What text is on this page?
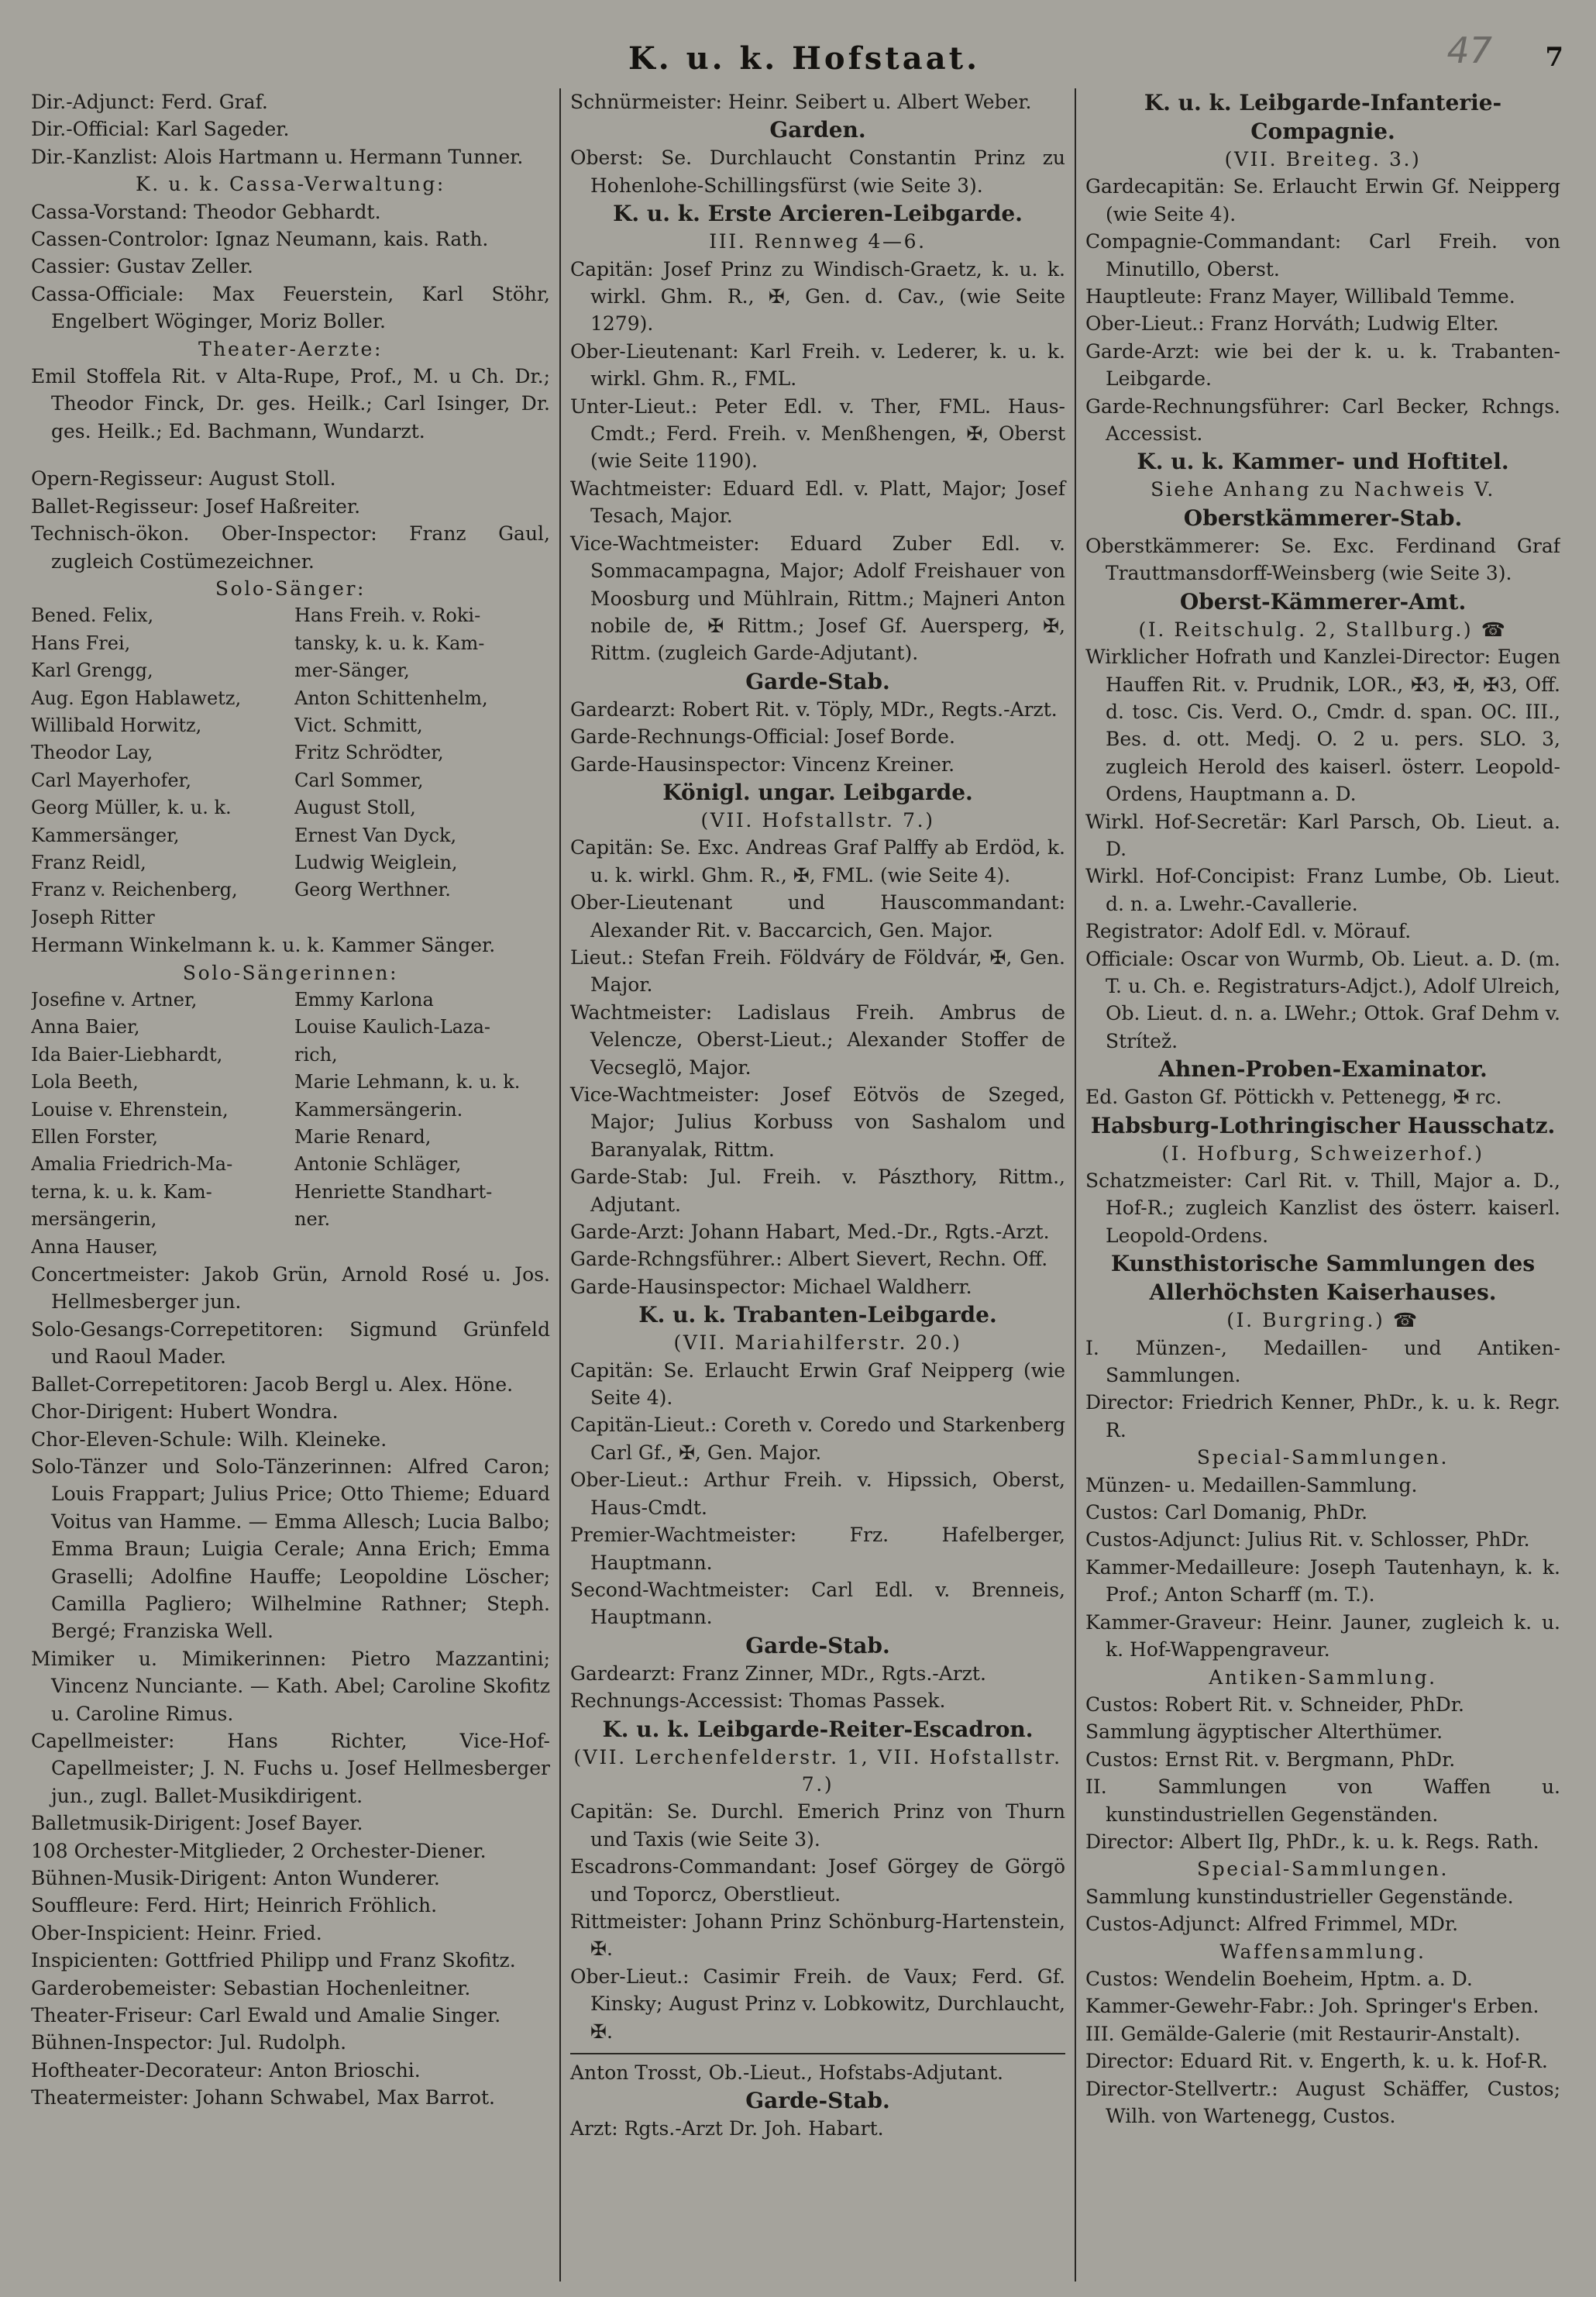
K. u. k. Hofstaat.	47 7

Dir.-Adjunct: Ferd. Graf.

Dir.-Official: Karl Sageder.

Dir.-Kanzlist: Alois Hartmann u. Hermann Tunner.

K. u. k. Cassa-Verwaltung:

Cassa-Vorstand: Theodor Gebhardt.

Cassen-Controlor: Ignaz Neumann, kais. Rath.

Cassier: Gustav Zeller.

Cassa-Officiale: Max Feuerstein, Karl Stöhr, Engelbert Wöginger, Moriz Boller.

Theater-Aerzte:

Emil Stoffela Rit. v Alta-Rupe, Prof., M. u Ch. Dr.; Theodor Finck, Dr. ges. Heilk.; Carl Isinger, Dr. ges. Heilk.; Ed. Bachmann, Wundarzt.

Opern-Regisseur: August Stoll.

Ballet-Regisseur: Josef Haßreiter.

Technisch-ökon. Ober-Inspector: Franz Gaul, zugleich Costümezeichner.

Solo-Sänger:

Bened. Felix,	Hans Freih. v. Roki-

Hans Frei,	tansky, k. u. k. Kam-

Karl Grengg,	mer-Sänger,

Aug. Egon Hablawetz,	Anton Schittenhelm,

Willibald Horwitz,	Vict. Schmitt,

Theodor Lay,	Fritz Schrödter,

Carl Mayerhofer,	Carl Sommer,

Georg Müller, k. u. k.	August Stoll,

Kammersänger,	Ernest Van Dyck,

Franz Reidl,	Ludwig Weiglein,

Franz v. Reichenberg,	Georg Werthner.

Joseph Ritter

Hermann Winkelmann k. u. k. Kammer Sänger.

Solo-Sängerinnen:

Josefine v. Artner,	Emmy Karlona

Anna Baier,	Louise Kaulich-Laza-

Ida Baier-Liebhardt,	rich,

Lola Beeth,	Marie Lehmann, k. u. k.

Louise v. Ehrenstein,	Kammersängerin.

Ellen Forster,	Marie Renard,

Amalia Friedrich-Ma-	Antonie Schläger,

terna, k. u. k. Kam-	Henriette Standhart-

mersängerin,	ner.

Anna Hauser,

Concertmeister: Jakob Grün, Arnold Rosé u. Jos. Hellmesberger jun.

Solo-Gesangs-Correpetitoren: Sigmund Grünfeld und Raoul Mader.

Ballet-Correpetitoren: Jacob Bergl u. Alex. Höne.

Chor-Dirigent: Hubert Wondra.

Chor-Eleven-Schule: Wilh. Kleineke.

Solo-Tänzer und Solo-Tänzerinnen: Alfred Caron; Louis Frappart; Julius Price; Otto Thieme; Eduard Voitus van Hamme. — Emma Allesch; Lucia Balbo; Emma Braun; Luigia Cerale; Anna Erich; Emma Graselli; Adolfine Hauffe; Leopoldine Löscher; Camilla Pagliero; Wilhelmine Rathner; Steph. Bergé; Franziska Well.

Mimiker u. Mimikerinnen: Pietro Mazzantini; Vincenz Nunciante. — Kath. Abel; Caroline Skofitz u. Caroline Rimus.

Capellmeister: Hans Richter, Vice-Hof-Capellmeister; J. N. Fuchs u. Josef Hellmesberger jun., zugl. Ballet-Musikdirigent.

Balletmusik-Dirigent: Josef Bayer.

108 Orchester-Mitglieder, 2 Orchester-Diener.

Bühnen-Musik-Dirigent: Anton Wunderer.

Souffleure: Ferd. Hirt; Heinrich Fröhlich.

Ober-Inspicient: Heinr. Fried.

Inspicienten: Gottfried Philipp und Franz Skofitz.

Garderobemeister: Sebastian Hochenleitner.

Theater-Friseur: Carl Ewald und Amalie Singer.

Bühnen-Inspector: Jul. Rudolph.

Hoftheater-Decorateur: Anton Brioschi.

Theatermeister: Johann Schwabel, Max Barrot.

Schnürmeister: Heinr. Seibert u. Albert Weber.

Garden.

Oberst: Se. Durchlaucht Constantin Prinz zu Hohenlohe-Schillingsfürst (wie Seite 3).

K. u. k. Erste Arcieren-Leibgarde.

III. Rennweg 4—6.

Capitän: Josef Prinz zu Windisch-Graetz, k. u. k. wirkl. Ghm. R., ✠, Gen. d. Cav., (wie Seite 1279).

Ober-Lieutenant: Karl Freih. v. Lederer, k. u. k. wirkl. Ghm. R., FML.

Unter-Lieut.: Peter Edl. v. Ther, FML. Haus-Cmdt.; Ferd. Freih. v. Menßhengen, ✠, Oberst (wie Seite 1190).

Wachtmeister: Eduard Edl. v. Platt, Major; Josef Tesach, Major.

Vice-Wachtmeister: Eduard Zuber Edl. v. Sommacampagna, Major; Adolf Freishauer von Moosburg und Mühlrain, Rittm.; Majneri Anton nobile de, ✠ Rittm.; Josef Gf. Auersperg, ✠, Rittm. (zugleich Garde-Adjutant).

Garde-Stab.

Gardearzt: Robert Rit. v. Töply, MDr., Regts.-Arzt.

Garde-Rechnungs-Official: Josef Borde.

Garde-Hausinspector: Vincenz Kreiner.

Königl. ungar. Leibgarde.

(VII. Hofstallstr. 7.)

Capitän: Se. Exc. Andreas Graf Palffy ab Erdöd, k. u. k. wirkl. Ghm. R., ✠, FML. (wie Seite 4).

Ober-Lieutenant und Hauscommandant: Alexander Rit. v. Baccarcich, Gen. Major.

Lieut.: Stefan Freih. Földváry de Földvár, ✠, Gen. Major.

Wachtmeister: Ladislaus Freih. Ambrus de Velencze, Oberst-Lieut.; Alexander Stoffer de Vecseglö, Major.

Vice-Wachtmeister: Josef Eötvös de Szeged, Major; Julius Korbuss von Sashalom und Baranyalak, Rittm.

Garde-Stab: Jul. Freih. v. Pászthory, Rittm., Adjutant.

Garde-Arzt: Johann Habart, Med.-Dr., Rgts.-Arzt.

Garde-Rchngsführer.: Albert Sievert, Rechn. Off.

Garde-Hausinspector: Michael Waldherr.

K. u. k. Trabanten-Leibgarde.

(VII. Mariahilferstr. 20.)

Capitän: Se. Erlaucht Erwin Graf Neipperg (wie Seite 4).

Capitän-Lieut.: Coreth v. Coredo und Starkenberg Carl Gf., ✠, Gen. Major.

Ober-Lieut.: Arthur Freih. v. Hipssich, Oberst, Haus-Cmdt.

Premier-Wachtmeister: Frz. Hafelberger, Hauptmann.

Second-Wachtmeister: Carl Edl. v. Brenneis, Hauptmann.

Garde-Stab.

Gardearzt: Franz Zinner, MDr., Rgts.-Arzt.

Rechnungs-Accessist: Thomas Passek.

K. u. k. Leibgarde-Reiter-Escadron.

(VII. Lerchenfelderstr. 1, VII. Hofstallstr. 7.)

Capitän: Se. Durchl. Emerich Prinz von Thurn und Taxis (wie Seite 3).

Escadrons-Commandant: Josef Görgey de Görgö und Toporcz, Oberstlieut.

Rittmeister: Johann Prinz Schönburg-Hartenstein, ✠.

Ober-Lieut.: Casimir Freih. de Vaux; Ferd. Gf. Kinsky; August Prinz v. Lobkowitz, Durchlaucht, ✠.

Anton Trosst, Ob.-Lieut., Hofstabs-Adjutant.

Garde-Stab.

Arzt: Rgts.-Arzt Dr. Joh. Habart.

K. u. k. Leibgarde-Infanterie-Compagnie.

(VII. Breiteg. 3.)

Gardecapitän: Se. Erlaucht Erwin Gf. Neipperg (wie Seite 4).

Compagnie-Commandant: Carl Freih. von Minutillo, Oberst.

Hauptleute: Franz Mayer, Willibald Temme.

Ober-Lieut.: Franz Horváth; Ludwig Elter.

Garde-Arzt: wie bei der k. u. k. Trabanten-Leibgarde.

Garde-Rechnungsführer: Carl Becker, Rchngs. Accessist.

K. u. k. Kammer- und Hoftitel.

Siehe Anhang zu Nachweis V.

Oberstkämmerer-Stab.

Oberstkämmerer: Se. Exc. Ferdinand Graf Trauttmansdorff-Weinsberg (wie Seite 3).

Oberst-Kämmerer-Amt.

(I. Reitschulg. 2, Stallburg.) ☎

Wirklicher Hofrath und Kanzlei-Director: Eugen Hauffen Rit. v. Prudnik, LOR., ✠3, ✠, ✠3, Off. d. tosc. Cis. Verd. O., Cmdr. d. span. OC. III., Bes. d. ott. Medj. O. 2 u. pers. SLO. 3, zugleich Herold des kaiserl. österr. Leopold-Ordens, Hauptmann a. D.

Wirkl. Hof-Secretär: Karl Parsch, Ob. Lieut. a. D.

Wirkl. Hof-Concipist: Franz Lumbe, Ob. Lieut. d. n. a. Lwehr.-Cavallerie.

Registrator: Adolf Edl. v. Mörauf.

Officiale: Oscar von Wurmb, Ob. Lieut. a. D. (m. T. u. Ch. e. Registraturs-Adjct.), Adolf Ulreich, Ob. Lieut. d. n. a. LWehr.; Ottok. Graf Dehm v. Strítež.

Ahnen-Proben-Examinator.

Ed. Gaston Gf. Pöttickh v. Pettenegg, ✠ rc.

Habsburg-Lothringischer Hausschatz.

(I. Hofburg, Schweizerhof.)

Schatzmeister: Carl Rit. v. Thill, Major a. D., Hof-R.; zugleich Kanzlist des österr. kaiserl. Leopold-Ordens.

Kunsthistorische Sammlungen des Allerhöchsten Kaiserhauses.

(I. Burgring.) ☎

I. Münzen-, Medaillen- und Antiken-Sammlungen.

Director: Friedrich Kenner, PhDr., k. u. k. Regr. R.

Special-Sammlungen.

Münzen- u. Medaillen-Sammlung.

Custos: Carl Domanig, PhDr.

Custos-Adjunct: Julius Rit. v. Schlosser, PhDr.

Kammer-Medailleure: Joseph Tautenhayn, k. k. Prof.; Anton Scharff (m. T.).

Kammer-Graveur: Heinr. Jauner, zugleich k. u. k. Hof-Wappengraveur.

Antiken-Sammlung.

Custos: Robert Rit. v. Schneider, PhDr.

Sammlung ägyptischer Alterthümer.

Custos: Ernst Rit. v. Bergmann, PhDr.

II. Sammlungen von Waffen u. kunstindustriellen Gegenständen.

Director: Albert Ilg, PhDr., k. u. k. Regs. Rath.

Special-Sammlungen.

Sammlung kunstindustrieller Gegenstände.

Custos-Adjunct: Alfred Frimmel, MDr.

Waffensammlung.

Custos: Wendelin Boeheim, Hptm. a. D.

Kammer-Gewehr-Fabr.: Joh. Springer's Erben.

III. Gemälde-Galerie (mit Restaurir-Anstalt).

Director: Eduard Rit. v. Engerth, k. u. k. Hof-R.

Director-Stellvertr.: August Schäffer, Custos; Wilh. von Wartenegg, Custos.
